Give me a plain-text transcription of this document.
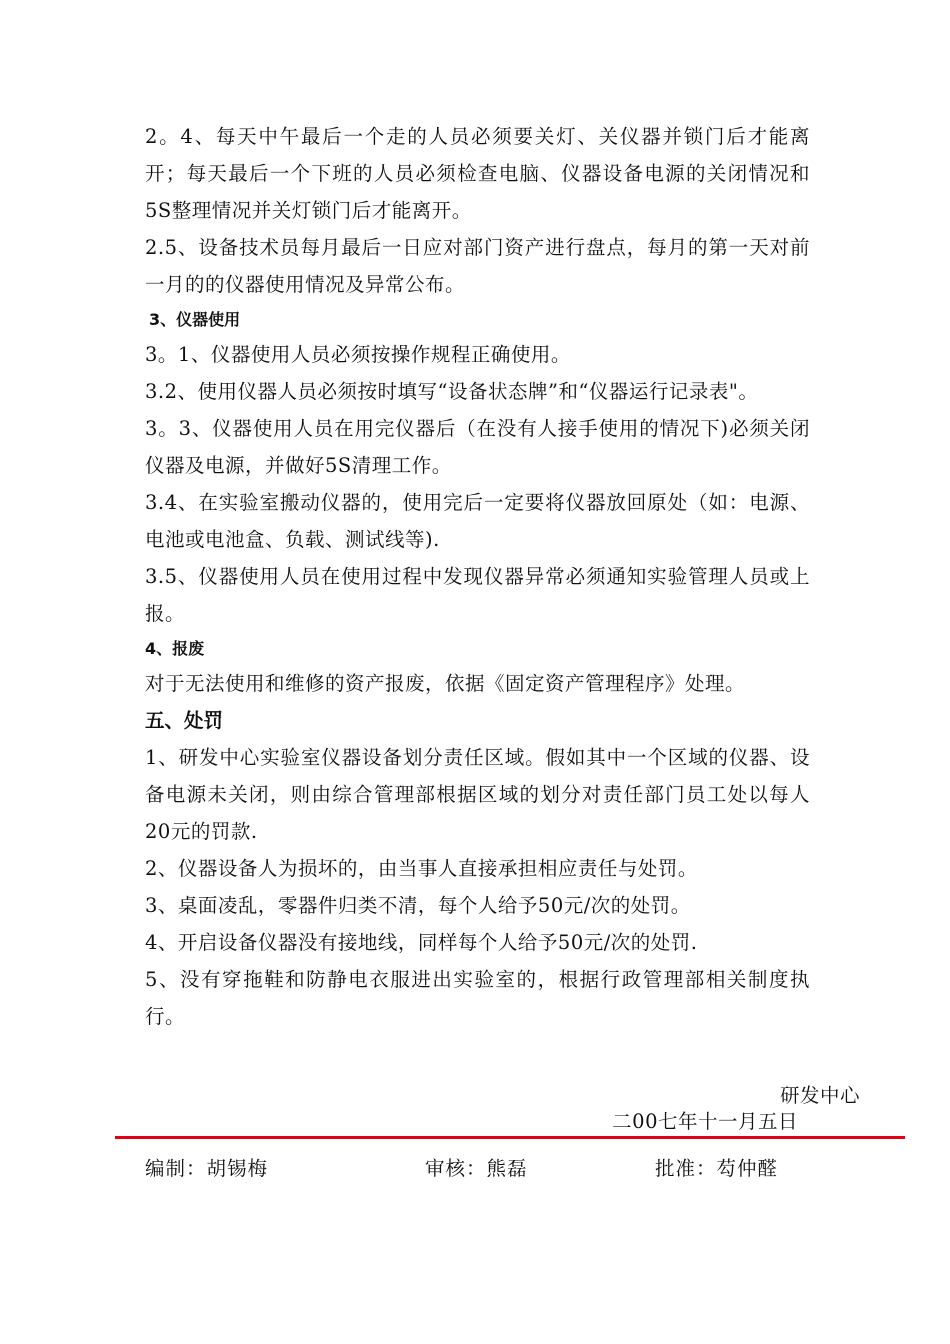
2。4、每天中午最后一个走的人员必须要关灯、关仪器并锁门后才能离开；每天最后一个下班的人员必须检查电脑、仪器设备电源的关闭情况和5S整理情况并关灯锁门后才能离开。

2.5、设备技术员每月最后一日应对部门资产进行盘点，每月的第一天对前一月的的仪器使用情况及异常公布。

3、仪器使用

3。1、仪器使用人员必须按操作规程正确使用。

3.2、使用仪器人员必须按时填写“设备状态牌”和“仪器运行记录表"。

3。3、仪器使用人员在用完仪器后（在没有人接手使用的情况下)必须关闭仪器及电源，并做好5S清理工作。

3.4、在实验室搬动仪器的，使用完后一定要将仪器放回原处（如：电源、电池或电池盒、负载、测试线等).

3.5、仪器使用人员在使用过程中发现仪器异常必须通知实验管理人员或上报。

4、报废

对于无法使用和维修的资产报废，依据《固定资产管理程序》处理。

五、处罚

1、研发中心实验室仪器设备划分责任区域。假如其中一个区域的仪器、设备电源未关闭，则由综合管理部根据区域的划分对责任部门员工处以每人20元的罚款.

2、仪器设备人为损坏的，由当事人直接承担相应责任与处罚。

3、桌面凌乱，零器件归类不清，每个人给予50元/次的处罚。

4、开启设备仪器没有接地线，同样每个人给予50元/次的处罚.

5、没有穿拖鞋和防静电衣服进出实验室的，根据行政管理部相关制度执行。

研发中心
二00七年十一月五日
编制：胡锡梅	审核：熊磊	批准：芶仲醛
